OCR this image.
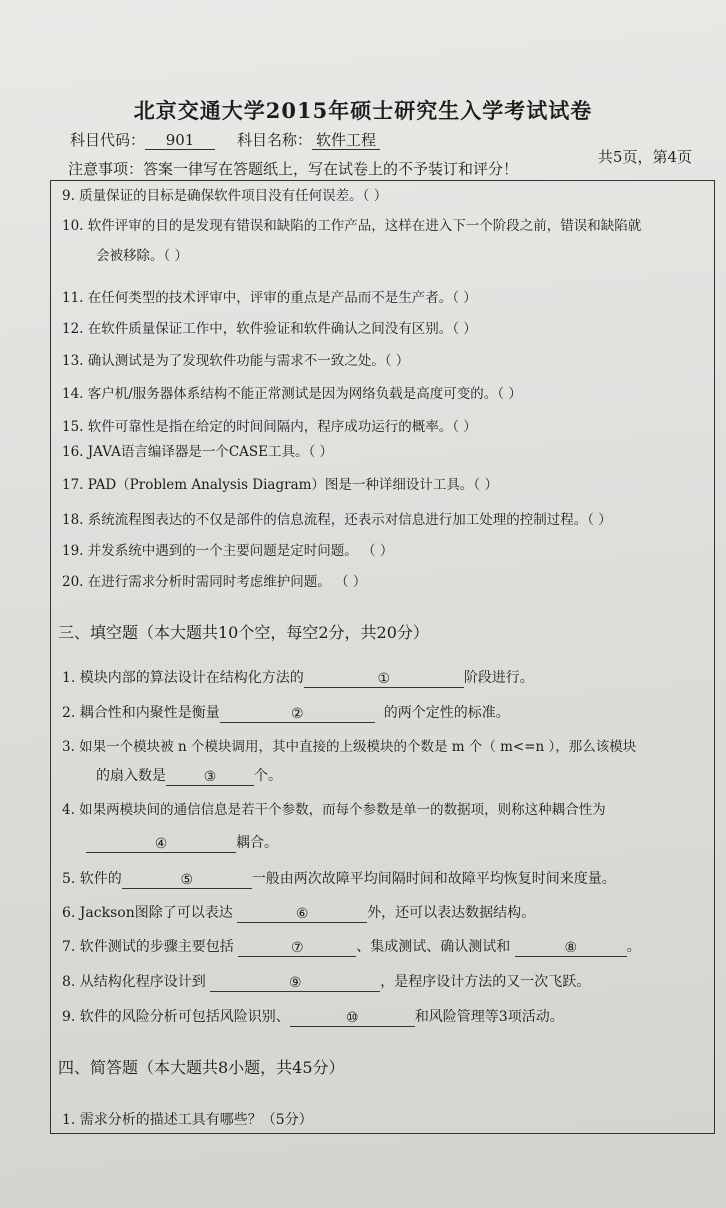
北京交通大学2015年硕士研究生入学考试试卷
科目代码： 901	科目名称： 软件工程
共5页，第4页
注意事项：答案一律写在答题纸上，写在试卷上的不予装订和评分！
9. 质量保证的目标是确保软件项目没有任何误差。（ ）
10. 软件评审的目的是发现有错误和缺陷的工作产品，这样在进入下一个阶段之前，错误和缺陷就
会被移除。（ ）
11. 在任何类型的技术评审中，评审的重点是产品而不是生产者。（ ）
12. 在软件质量保证工作中，软件验证和软件确认之间没有区别。（ ）
13. 确认测试是为了发现软件功能与需求不一致之处。（ ）
14. 客户机/服务器体系结构不能正常测试是因为网络负载是高度可变的。（ ）
15. 软件可靠性是指在给定的时间间隔内，程序成功运行的概率。（ ）
16. JAVA语言编译器是一个CASE工具。（ ）
17. PAD（Problem Analysis Diagram）图是一种详细设计工具。（ ）
18. 系统流程图表达的不仅是部件的信息流程，还表示对信息进行加工处理的控制过程。（ ）
19. 并发系统中遇到的一个主要问题是定时问题。 （ ）
20. 在进行需求分析时需同时考虑维护问题。 （ ）
三、填空题（本大题共10个空，每空2分，共20分）
1. 模块内部的算法设计在结构化方法的	①	阶段进行。
2. 耦合性和内聚性是衡量	②	的两个定性的标准。
3. 如果一个模块被 n 个模块调用，其中直接的上级模块的个数是 m 个（ m<=n ），那么该模块
的扇入数是	③	个。
4. 如果两模块间的通信信息是若干个参数，而每个参数是单一的数据项，则称这种耦合性为
④	耦合。
5. 软件的	⑤	一般由两次故障平均间隔时间和故障平均恢复时间来度量。
6. Jackson图除了可以表达	⑥	外，还可以表达数据结构。
7. 软件测试的步骤主要包括	⑦	、集成测试、确认测试和	⑧	。
8. 从结构化程序设计到	⑨	，是程序设计方法的又一次飞跃。
9. 软件的风险分析可包括风险识别、	⑩	和风险管理等3项活动。
四、简答题（本大题共8小题，共45分）
1. 需求分析的描述工具有哪些？（5分）
